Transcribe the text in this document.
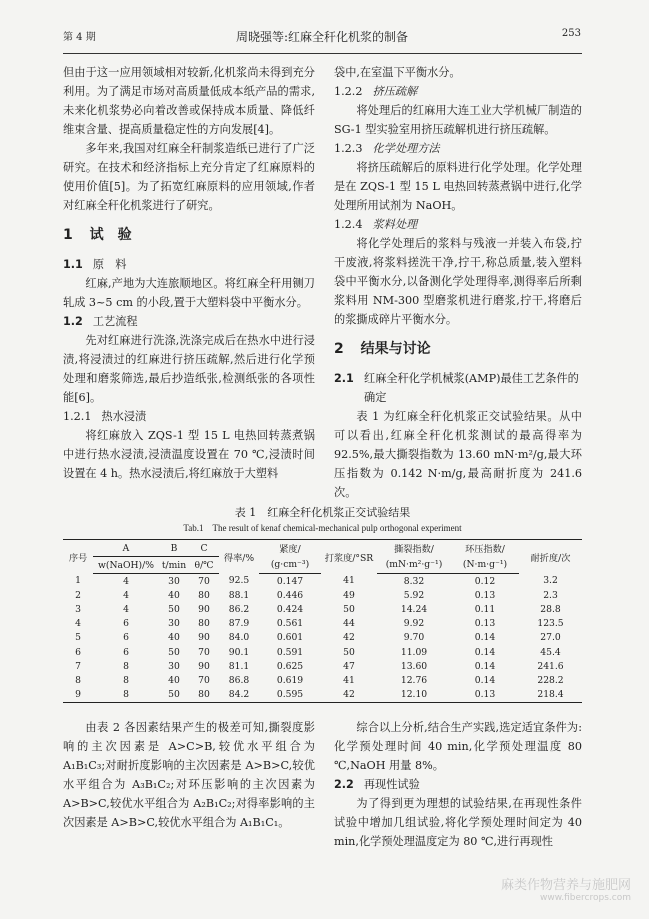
第 4 期	周晓强等:红麻全秆化机浆的制备	253

但由于这一应用领域相对较新,化机浆尚未得到充分利用。为了满足市场对高质量低成本纸产品的需求,未来化机浆势必向着改善或保持成本质量、降低纤维束含量、提高质量稳定性的方向发展[4]。

多年来,我国对红麻全秆制浆造纸已进行了广泛研究。在技术和经济指标上充分肯定了红麻原料的使用价值[5]。为了拓宽红麻原料的应用领域,作者对红麻全秆化机浆进行了研究。

1 试　验
1.1 原　料

红麻,产地为大连旅顺地区。将红麻全秆用铡刀轧成 3~5 cm 的小段,置于大塑料袋中平衡水分。

1.2 工艺流程

先对红麻进行洗涤,洗涤完成后在热水中进行浸渍,将浸渍过的红麻进行挤压疏解,然后进行化学预处理和磨浆筛选,最后抄造纸张,检测纸张的各项性能[6]。

1.2.1 热水浸渍

将红麻放入 ZQS-1 型 15 L 电热回转蒸煮锅中进行热水浸渍,浸渍温度设置在 70 ℃,浸渍时间设置在 4 h。热水浸渍后,将红麻放于大塑料

袋中,在室温下平衡水分。

1.2.2 挤压疏解

将处理后的红麻用大连工业大学机械厂制造的 SG-1 型实验室用挤压疏解机进行挤压疏解。

1.2.3 化学处理方法

将挤压疏解后的原料进行化学处理。化学处理是在 ZQS-1 型 15 L 电热回转蒸煮锅中进行,化学处理所用试剂为 NaOH。

1.2.4 浆料处理

将化学处理后的浆料与残液一并装入布袋,拧干废液,将浆料搓洗干净,拧干,称总质量,装入塑料袋中平衡水分,以备测化学处理得率,测得率后所剩浆料用 NM-300 型磨浆机进行磨浆,拧干,将磨后的浆撕成碎片平衡水分。

2 结果与讨论
2.1 红麻全秆化学机械浆(AMP)最佳工艺条件的确定

表 1 为红麻全秆化机浆正交试验结果。从中可以看出,红麻全秆化机浆测试的最高得率为 92.5%,最大撕裂指数为 13.60 mN·m²/g,最大环压指数为 0.142 N·m/g,最高耐折度为 241.6 次。

表 1　红麻全秆化机浆正交试验结果
Tab.1　The result of kenaf chemical-mechanical pulp orthogonal experiment
序号	A	B	C	得率/%	紧度/	打浆度/°SR	撕裂指数/	环压指数/	耐折度/次
	w(NaOH)/%	t/min	θ/℃		(g·cm⁻³)		(mN·m²·g⁻¹)	(N·m·g⁻¹)	
1	4	30	70	92.5	0.147	41	8.32	0.12	3.2
2	4	40	80	88.1	0.446	49	5.92	0.13	2.3
3	4	50	90	86.2	0.424	50	14.24	0.11	28.8
4	6	30	80	87.9	0.561	44	9.92	0.13	123.5
5	6	40	90	84.0	0.601	42	9.70	0.14	27.0
6	6	50	70	90.1	0.591	50	11.09	0.14	45.4
7	8	30	90	81.1	0.625	47	13.60	0.14	241.6
8	8	40	70	86.8	0.619	41	12.76	0.14	228.2
9	8	50	80	84.2	0.595	42	12.10	0.13	218.4

由表 2 各因素结果产生的极差可知,撕裂度影响的主次因素是 A>C>B,较优水平组合为 A₁B₁C₃;对耐折度影响的主次因素是 A>B>C,较优水平组合为 A₃B₁C₂;对环压影响的主次因素为 A>B>C,较优水平组合为 A₂B₁C₂;对得率影响的主次因素是 A>B>C,较优水平组合为 A₁B₁C₁。

综合以上分析,结合生产实践,选定适宜条件为:化学预处理时间 40 min,化学预处理温度 80 ℃,NaOH 用量 8%。

2.2 再现性试验

为了得到更为理想的试验结果,在再现性条件试验中增加几组试验,将化学预处理时间定为 40 min,化学预处理温度定为 80 ℃,进行再现性

麻类作物营养与施肥网
www.fibercrops.com
